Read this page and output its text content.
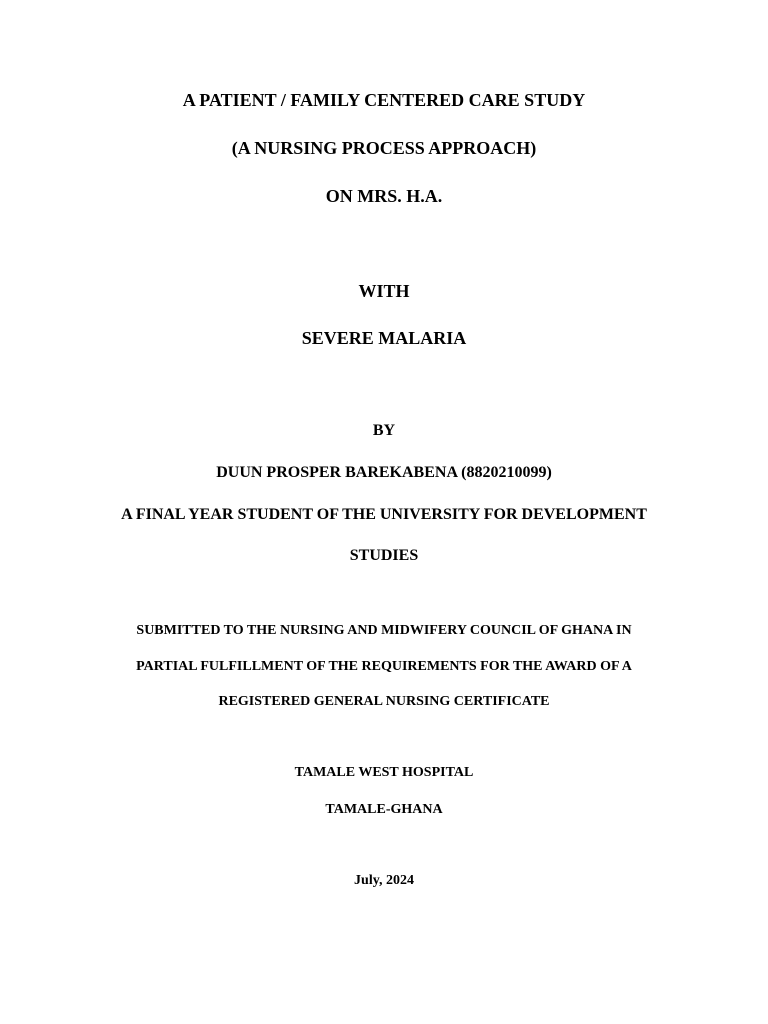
A PATIENT / FAMILY CENTERED CARE STUDY
(A NURSING PROCESS APPROACH)
ON MRS. H.A.
WITH
SEVERE MALARIA
BY
DUUN PROSPER BAREKABENA (8820210099)
A FINAL YEAR STUDENT OF THE UNIVERSITY FOR DEVELOPMENT
STUDIES
SUBMITTED TO THE NURSING AND MIDWIFERY COUNCIL OF GHANA IN
PARTIAL FULFILLMENT OF THE REQUIREMENTS FOR THE AWARD OF A
REGISTERED GENERAL NURSING CERTIFICATE
TAMALE WEST HOSPITAL
TAMALE-GHANA
July, 2024
